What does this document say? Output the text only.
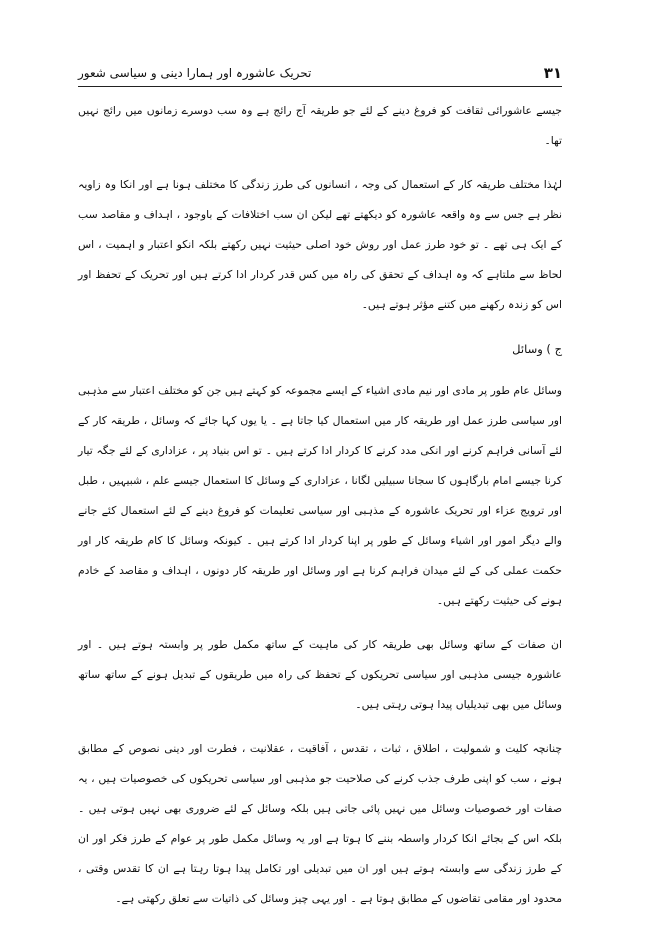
۳۱
تحریک عاشورہ اور ہمارا دینی و سیاسی شعور

جیسے عاشورائی ثقافت کو فروغ دینے کے لئے جو طریقہ آج رائج ہے وہ سب دوسرے زمانوں میں رائج نہیں تھا۔

لہٰذا مختلف طریقہ کار کے استعمال کی وجہ ، انسانوں کی طرز زندگی کا مختلف ہونا ہے اور انکا وہ زاویہ نظر ہے جس سے وہ واقعہ عاشورہ کو دیکھتے تھے لیکن ان سب اختلافات کے باوجود ، اہداف و مقاصد سب کے ایک ہی تھے ۔ تو خود طرز عمل اور روش خود اصلی حیثیت نہیں رکھتے بلکہ انکو اعتبار و اہمیت ، اس لحاظ سے ملتاہے کہ وہ اہداف کے تحقق کی راہ میں کس قدر کردار ادا کرتے ہیں اور تحریک کے تحفظ اور اس کو زندہ رکھنے میں کتنے مؤثر ہوتے ہیں۔

ج ) وسائل

وسائل عام طور پر مادی اور نیم مادی اشیاء کے ایسے مجموعہ کو کہتے ہیں جن کو مختلف اعتبار سے مذہبی اور سیاسی طرز عمل اور طریقہ کار میں استعمال کیا جاتا ہے ۔ یا یوں کہا جائے کہ وسائل ، طریقہ کار کے لئے آسانی فراہم کرنے اور انکی مدد کرنے کا کردار ادا کرتے ہیں ۔ تو اس بنیاد پر ، عزاداری کے لئے جگہ تیار کرنا جیسے امام بارگاہوں کا سجانا سبیلیں لگانا ، عزاداری کے وسائل کا استعمال جیسے علم ، شبیہیں ، طبل اور ترویج عزاء اور تحریک عاشورہ کے مذہبی اور سیاسی تعلیمات کو فروغ دینے کے لئے استعمال کئے جانے والے دیگر امور اور اشیاء وسائل کے طور پر اپنا کردار ادا کرتے ہیں ۔ کیونکہ وسائل کا کام طریقہ کار اور حکمت عملی کی کے لئے میدان فراہم کرنا ہے اور وسائل اور طریقہ کار دونوں ، اہداف و مقاصد کے خادم ہونے کی حیثیت رکھتے ہیں۔

ان صفات کے ساتھ وسائل بھی طریقہ کار کی ماہیت کے ساتھ مکمل طور پر وابستہ ہوتے ہیں ۔ اور عاشورہ جیسی مذہبی اور سیاسی تحریکوں کے تحفظ کی راہ میں طریقوں کے تبدیل ہونے کے ساتھ ساتھ وسائل میں بھی تبدیلیاں پیدا ہوتی رہتی ہیں۔

چنانچہ کلیت و شمولیت ، اطلاق ، ثبات ، تقدس ، آفاقیت ، عقلانیت ، فطرت اور دینی نصوص کے مطابق ہونے ، سب کو اپنی طرف جذب کرنے کی صلاحیت جو مذہبی اور سیاسی تحریکوں کی خصوصیات ہیں ، یہ صفات اور خصوصیات وسائل میں نہیں پائی جاتی ہیں بلکہ وسائل کے لئے ضروری بھی نہیں ہوتی ہیں ۔ بلکہ اس کے بجائے انکا کردار واسطہ بننے کا ہوتا ہے اور یہ وسائل مکمل طور پر عوام کے طرز فکر اور ان کے طرز زندگی سے وابستہ ہوتے ہیں اور ان میں تبدیلی اور تکامل پیدا ہوتا رہتا ہے ان کا تقدس وقتی ، محدود اور مقامی تقاضوں کے مطابق ہوتا ہے ۔ اور یہی چیز وسائل کی ذاتیات سے تعلق رکھتی ہے۔
